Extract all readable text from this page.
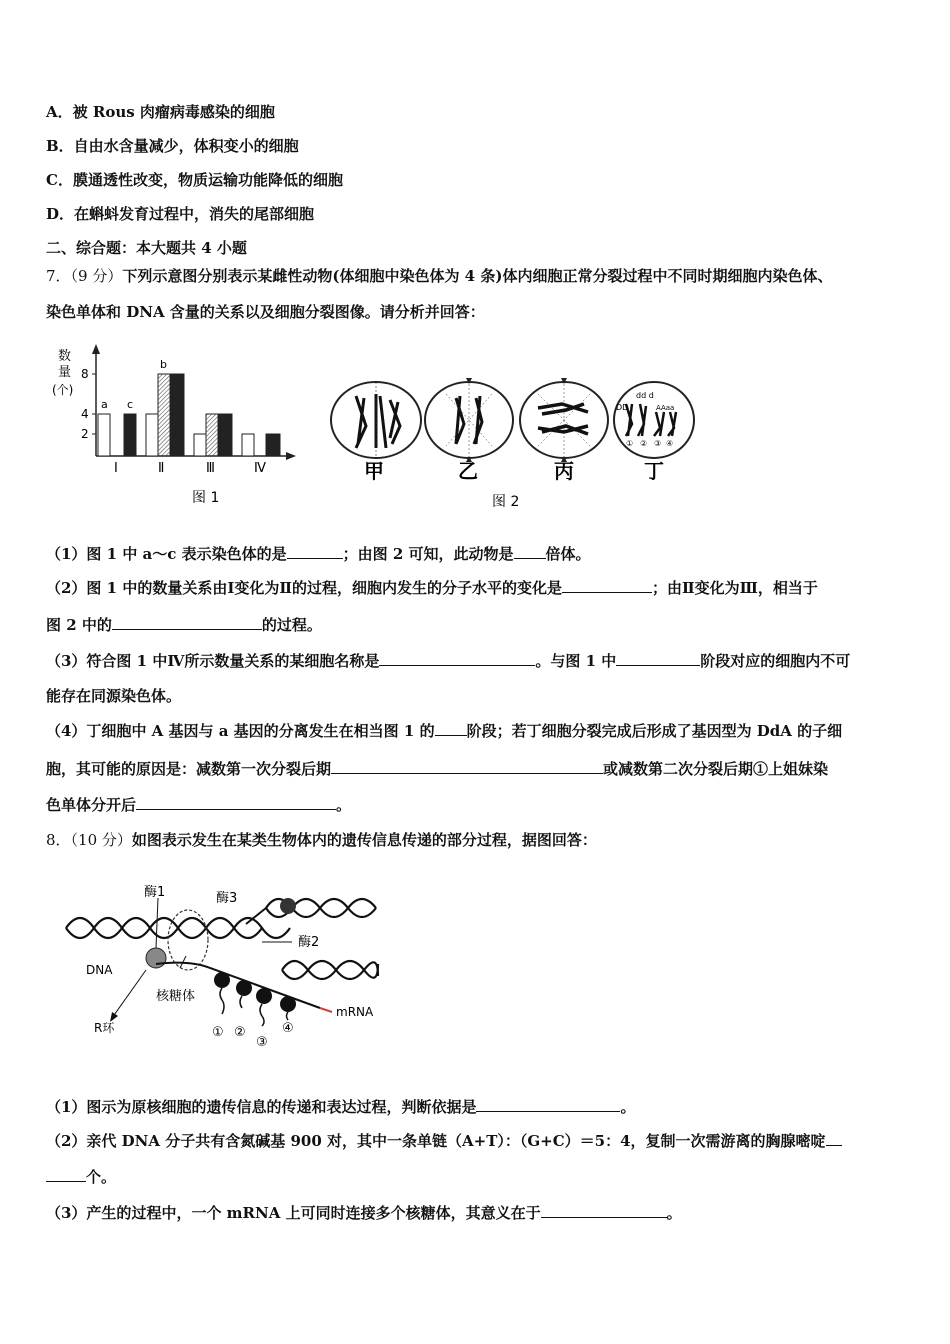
A．被 Rous 肉瘤病毒感染的细胞
B．自由水含量减少，体积变小的细胞
C．膜通透性改变，物质运输功能降低的细胞
D．在蝌蚪发育过程中，消失的尾部细胞
二、综合题：本大题共 4 小题
7．（9 分）下列示意图分别表示某雌性动物(体细胞中染色体为 4 条)体内细胞正常分裂过程中不同时期细胞内染色体、
染色单体和 DNA 含量的关系以及细胞分裂图像。请分析并回答：
数
量
(个)
8
4
2
a c
b
Ⅰ	Ⅱ	Ⅲ	Ⅳ
图 1
dd d
DD	AAaa
① ② ③ ④
甲	乙	丙	丁
图 2
（1）图 1 中 a～c 表示染色体的是	；由图 2 可知，此动物是 倍体。
（2）图 1 中的数量关系由Ⅰ变化为Ⅱ的过程，细胞内发生的分子水平的变化是	；由Ⅱ变化为Ⅲ，相当于
图 2 中的	的过程。
（3）符合图 1 中Ⅳ所示数量关系的某细胞名称是	。与图 1 中	阶段对应的细胞内不可
能存在同源染色体。
（4）丁细胞中 A 基因与 a 基因的分离发生在相当图 1 的 阶段；若丁细胞分裂完成后形成了基因型为 DdA 的子细
胞，其可能的原因是：减数第一次分裂后期	或减数第二次分裂后期①上姐妹染
色单体分开后	。
8．（10 分）如图表示发生在某类生物体内的遗传信息传递的部分过程，据图回答：
酶1	酶3
酶2
DNA
核糖体
R环
mRNA
① ②
③
④
（1）图示为原核细胞的遗传信息的传递和表达过程，判断依据是	。
（2）亲代 DNA 分子共有含氮碱基 900 对，其中一条单链（A+T）：（G+C）＝5：4，复制一次需游离的胸腺嘧啶
个。
（3）产生的过程中，一个 mRNA 上可同时连接多个核糖体，其意义在于	。
